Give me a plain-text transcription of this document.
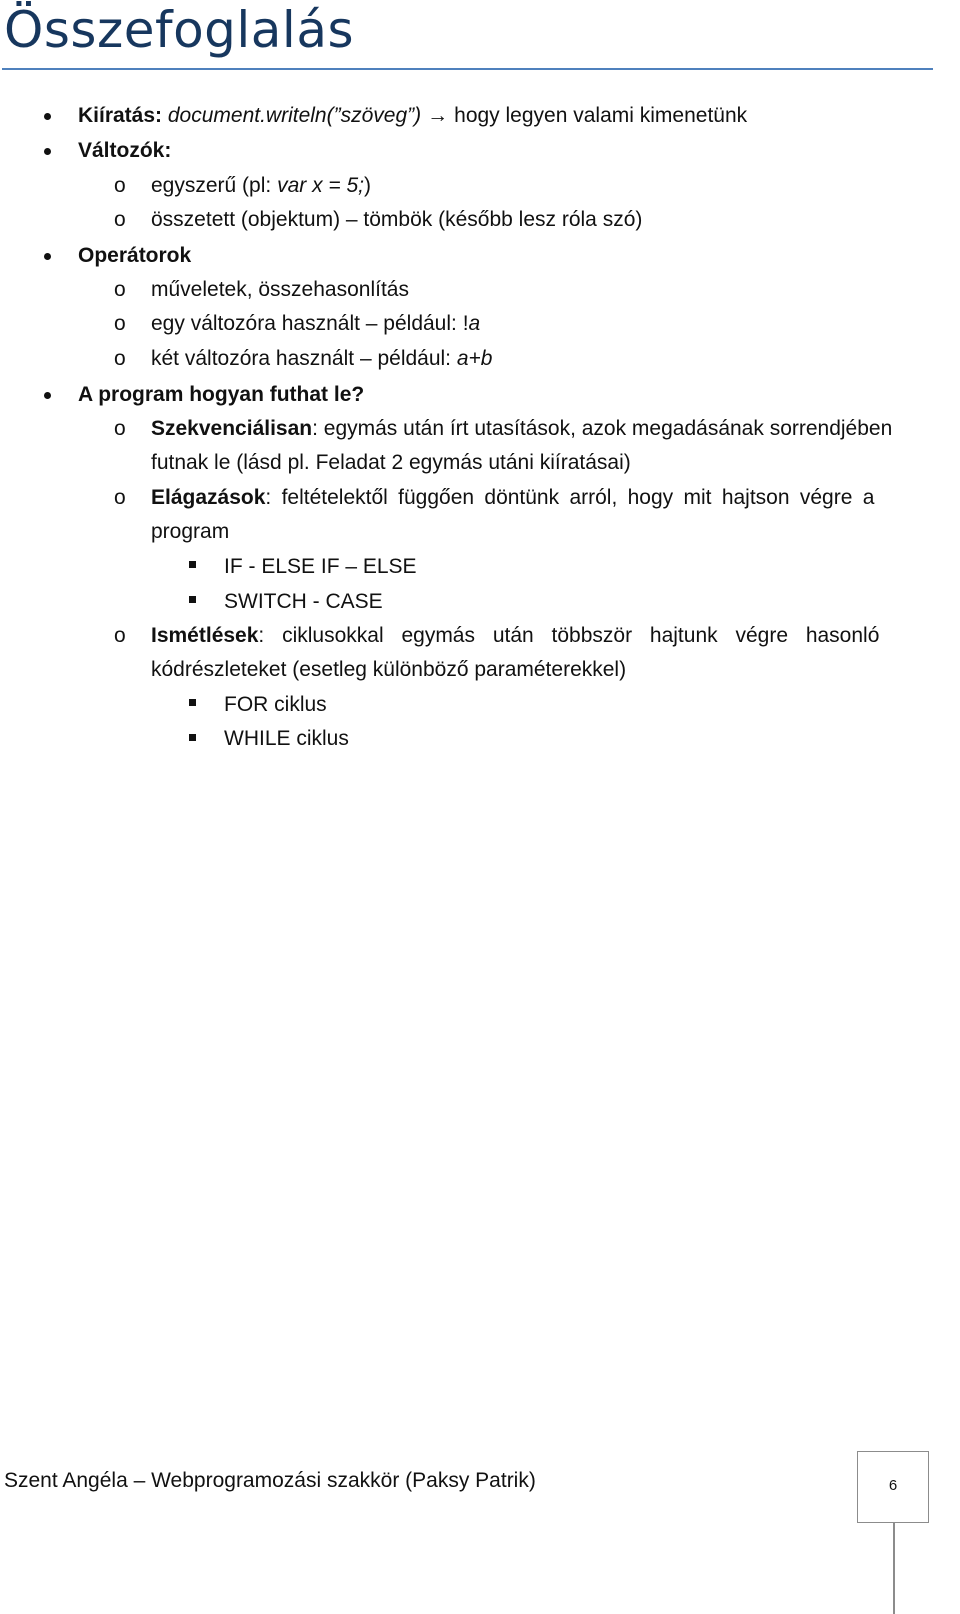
Összefoglalás
Kiíratás: document.writeln(”szöveg”) → hogy legyen valami kimenetünk
Változók:
o egyszerű (pl: var x = 5;)
o összetett (objektum) – tömbök (később lesz róla szó)
Operátorok
o műveletek, összehasonlítás
o egy változóra használt – például: !a
o két változóra használt – például: a+b
A program hogyan futhat le?
o Szekvenciálisan: egymás után írt utasítások, azok megadásának sorrendjében
futnak le (lásd pl. Feladat 2 egymás utáni kiíratásai)
o Elágazások: feltételektől függően döntünk arról, hogy mit hajtson végre a
program
IF - ELSE IF – ELSE
SWITCH - CASE
o Ismétlések: ciklusokkal egymás után többször hajtunk végre hasonló
kódrészleteket (esetleg különböző paraméterekkel)
FOR ciklus
WHILE ciklus
Szent Angéla – Webprogramozási szakkör (Paksy Patrik)	6
